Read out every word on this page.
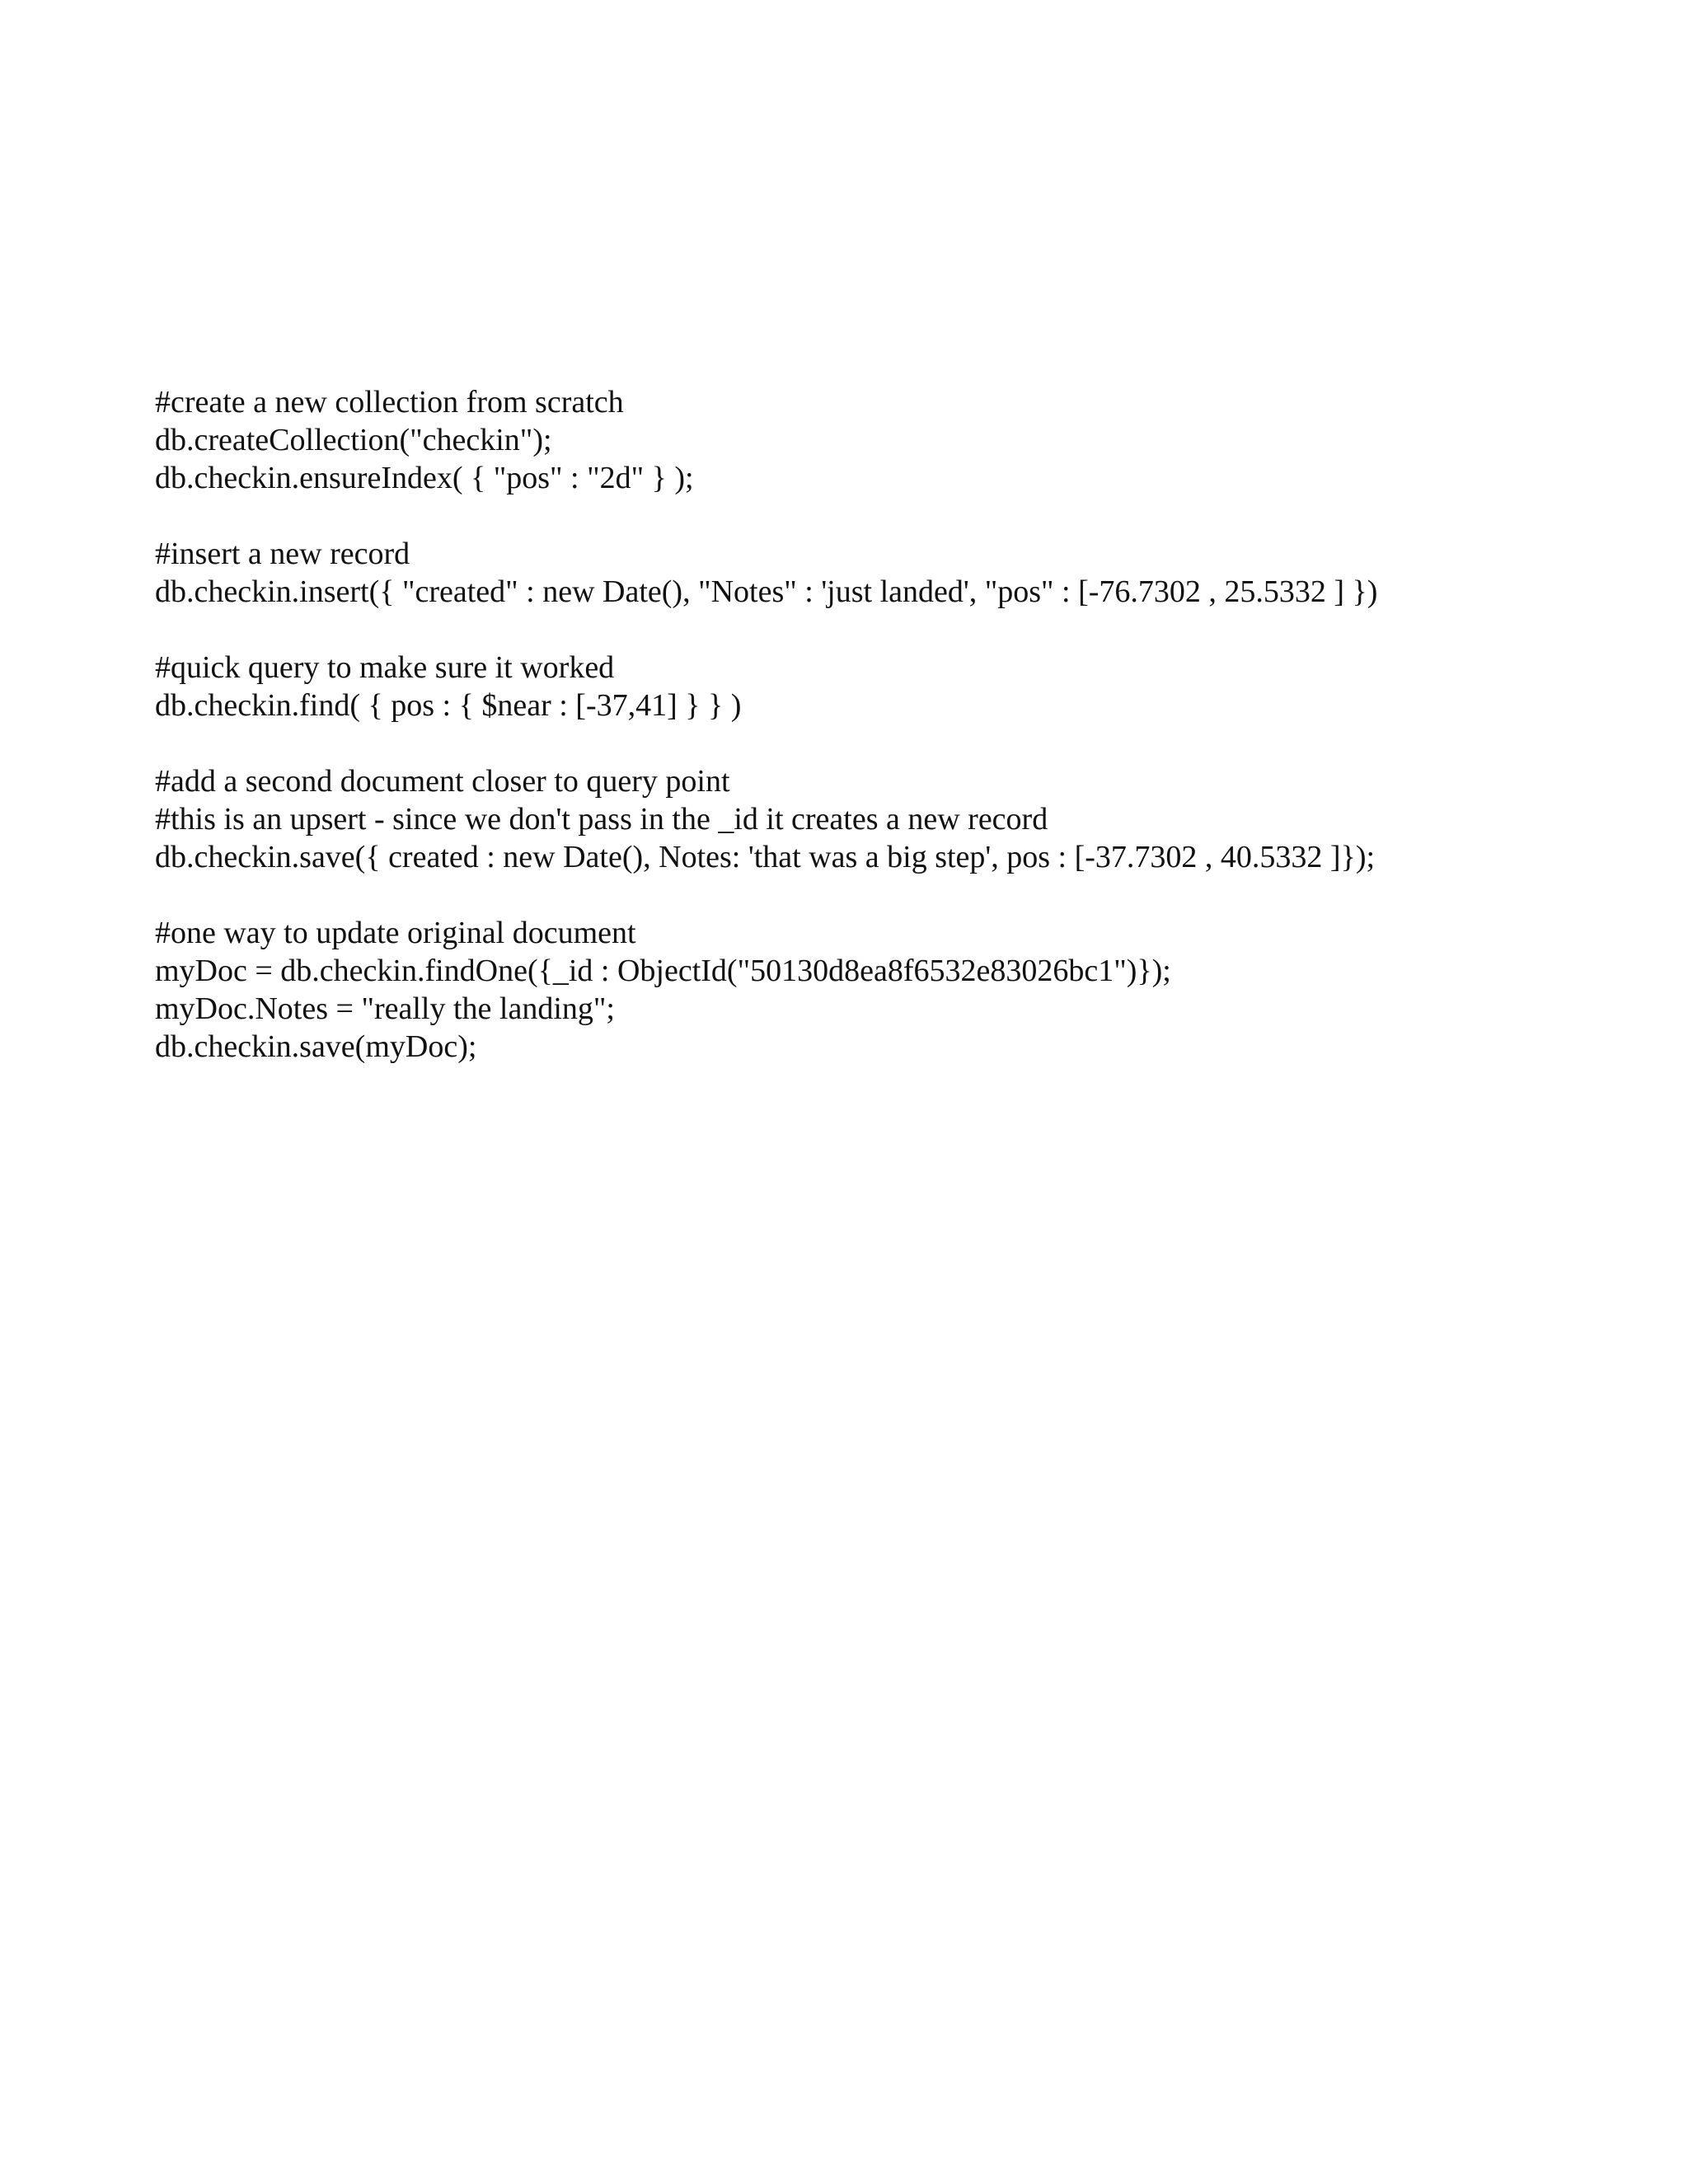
#create a new collection from scratch
db.createCollection("checkin");
db.checkin.ensureIndex( { "pos" : "2d" } );
#insert a new record
db.checkin.insert({ "created" : new Date(), "Notes" : 'just landed', "pos" : [-76.7302 , 25.5332 ] })
#quick query to make sure it worked
db.checkin.find( { pos : { $near : [-37,41] } } )
#add a second document closer to query point
#this is an upsert - since we don't pass in the _id it creates a new record
db.checkin.save({ created : new Date(), Notes: 'that was a big step', pos : [-37.7302 , 40.5332 ]});
#one way to update original document
myDoc = db.checkin.findOne({_id : ObjectId("50130d8ea8f6532e83026bc1")});
myDoc.Notes = "really the landing";
db.checkin.save(myDoc);
